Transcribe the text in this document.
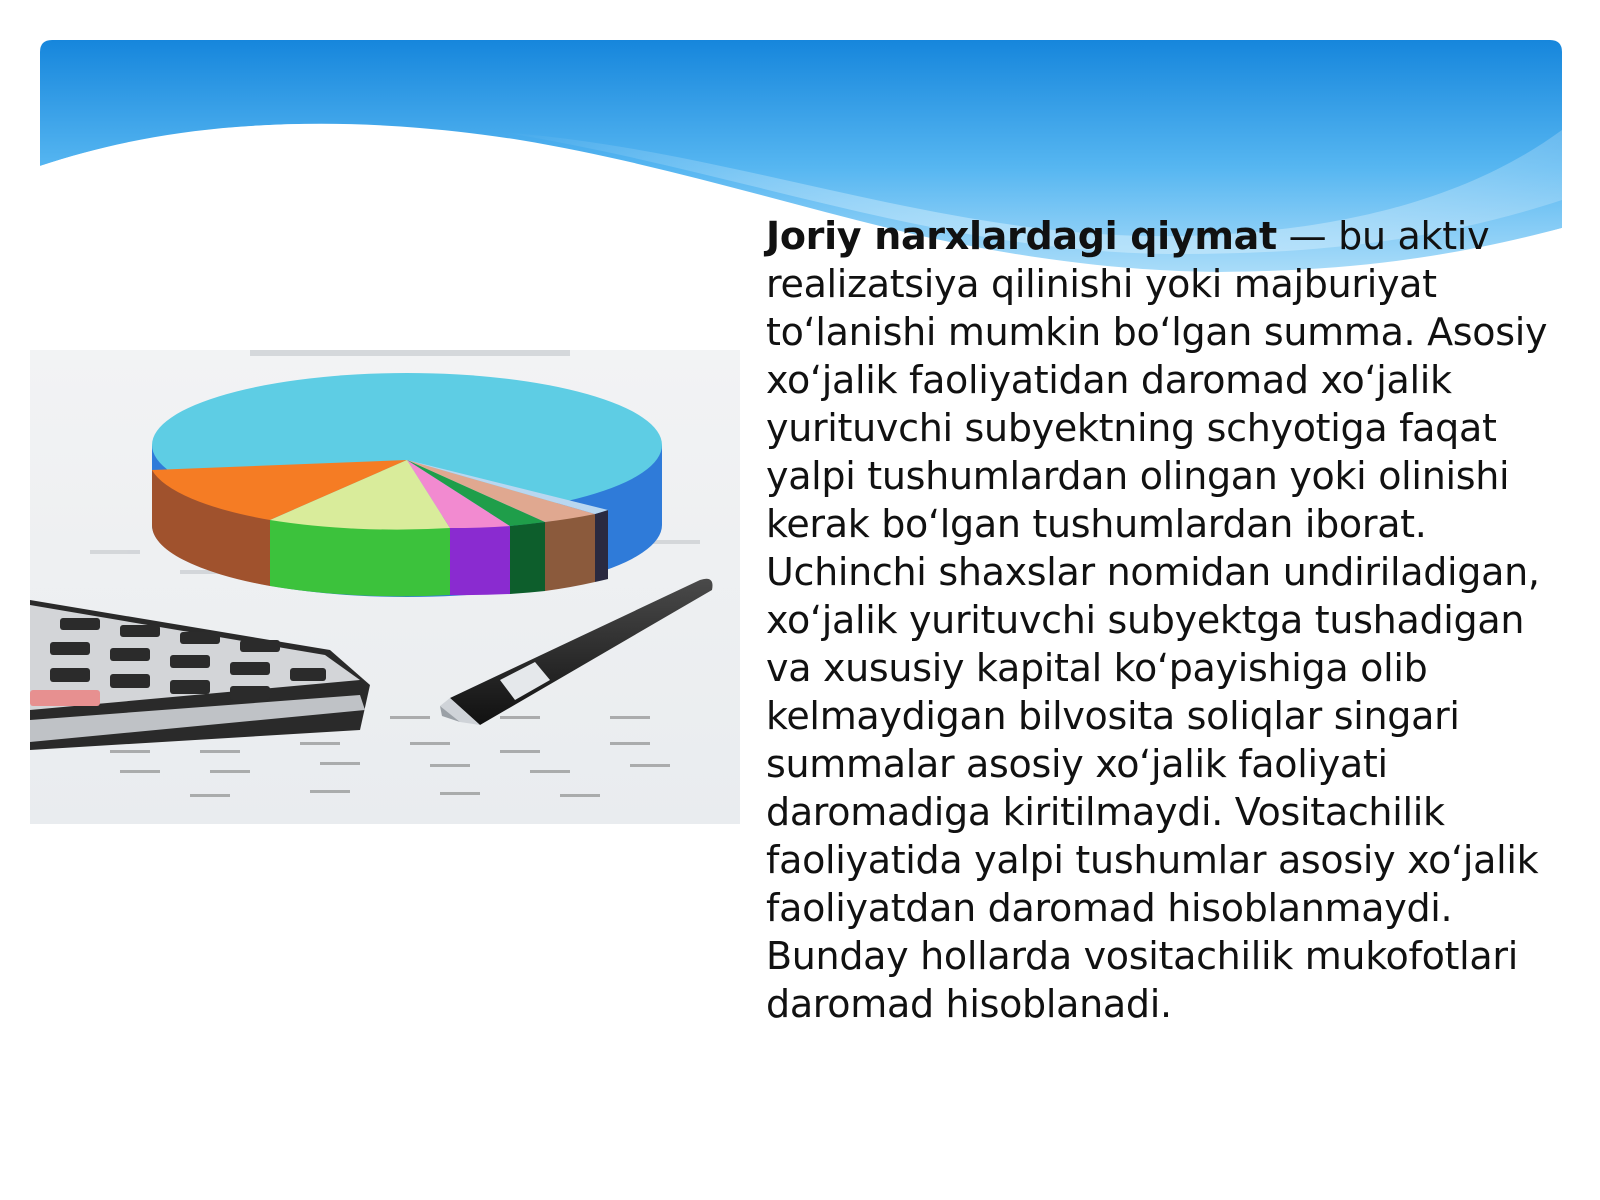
Joriy narxlardagi qiymat — bu aktiv realizatsiya qilinishi yoki majburiyat toʻlanishi mumkin boʻlgan summa. Asosiy xoʻjalik faoliyatidan daromad xoʻjalik yurituvchi subyektning schyotiga faqat yalpi tushumlardan olingan yoki olinishi kerak boʻlgan tushumlardan iborat. Uchinchi shaxslar nomidan undiriladigan, xoʻjalik yurituvchi subyektga tushadigan va xususiy kapital koʻpayishiga olib kelmaydigan bilvosita soliqlar singari summalar asosiy xoʻjalik faoliyati daromadiga kiritilmaydi. Vositachilik faoliyatida yalpi tushumlar asosiy xoʻjalik faoliyatdan daromad hisoblanmaydi. Bunday hollarda vositachilik mukofotlari daromad hisoblanadi.
